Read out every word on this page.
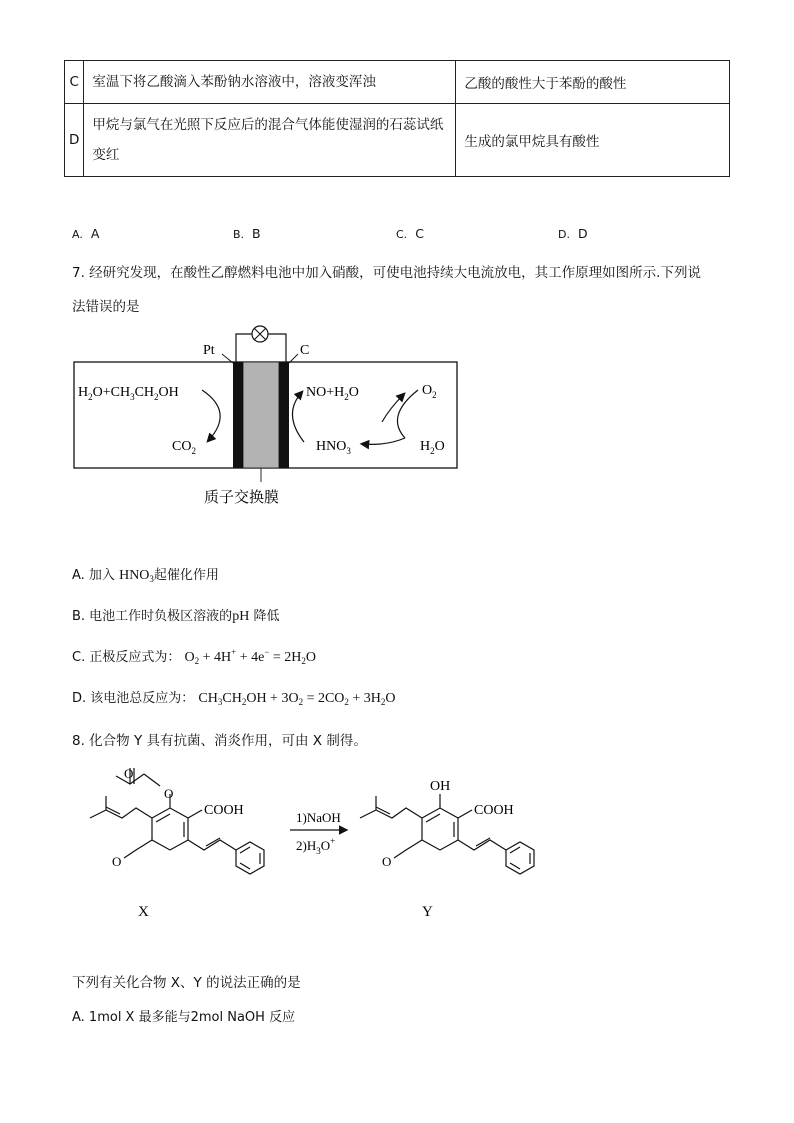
C	室温下将乙酸滴入苯酚钠水溶液中，溶液变浑浊	乙酸的酸性大于苯酚的酸性
D	甲烷与氯气在光照下反应后的混合气体能使湿润的石蕊试纸变红	生成的氯甲烷具有酸性
A. A	B. B	C. C	D. D
7. 经研究发现，在酸性乙醇燃料电池中加入硝酸，可使电池持续大电流放电，其工作原理如图所示.下列说
法错误的是
Pt	C
$H_2O+CH_3CH_2OH$
$CO_2$
$NO+H_2O$
$HNO_3$
$O_2$
$H_2O$
质子交换膜
A. 加入 $HNO_3$起催化作用
B. 电池工作时负极区溶液的pH 降低
C. 正极反应式为： $O_2 + 4H^+ + 4e^- = 2H_2O$
D. 该电池总反应为： $CH_3CH_2OH + 3O_2 = 2CO_2 + 3H_2O$
8. 化合物 Y 具有抗菌、消炎作用，可由 X 制得。
O
O
COOH
O
X
1)NaOH
$2)H_3O^+$
OH
COOH
O
Y
下列有关化合物 X、Y 的说法正确的是
A. 1mol X 最多能与2mol NaOH 反应
